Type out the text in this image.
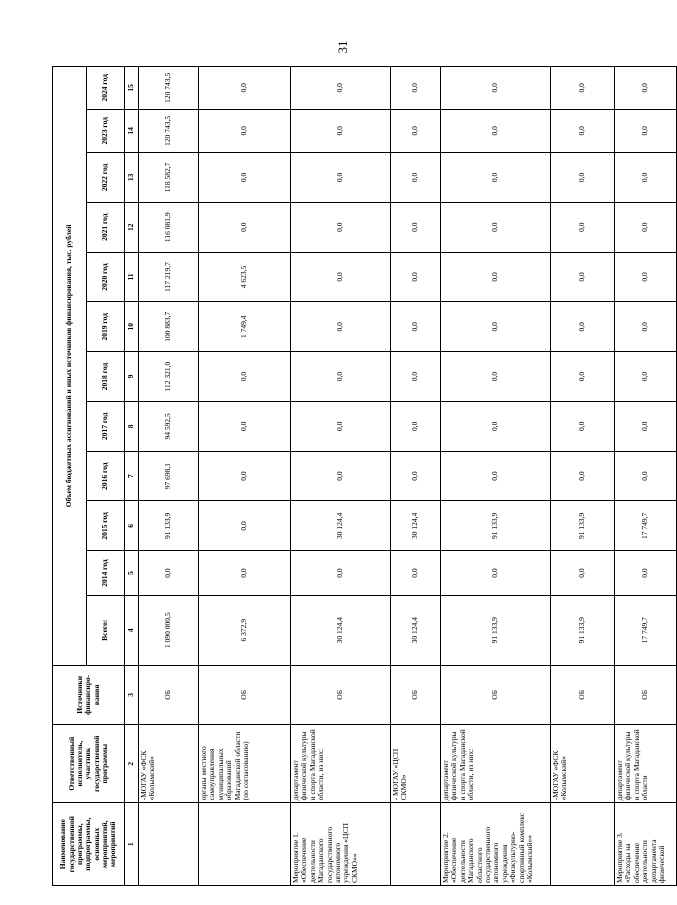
Наименование государственной программы, подпрограммы, основных мероприятий, мероприятий	Ответственный исполнитель, участник государственной программы	Источники финансиро-вания	Объем бюджетных ассигнований и иных источников финансирования, тыс. рублей											
			Всего:	2014 год	2015 год	2016 год	2017 год	2018 год	2019 год	2020 год	2021 год	2022 год	2023 год	2024 год
1	2	3	4	5	6	7	8	9	10	11	12	13	14	15
	-МОГАУ «ФСК «Колымский»	ОБ	1 090 000,5	0,0	91 133,9	97 698,1	94 592,5	112 321,0	100 883,7	117 219,7	116 081,9	118 582,7	120 743,5	120 743,5
	органы местного самоуправления муниципальных образований Магаданской области (по согласованию)	ОБ	6 372,9	0,0	0,0	0,0	0,0	0,0	1 749,4	4 623,5	0,0	0,0	0,0	0,0
Мероприятие 1. «Обеспечение деятельности Магаданского государственного автономного учреждения «ЦСП СКМО»»	департамент физической культуры и спорта Магаданской области, из них:	ОБ	30 124,4	0,0	30 124,4	0,0	0,0	0,0	0,0	0,0	0,0	0,0	0,0	0,0
	- МОГАУ «ЦСП СКМО»	ОБ	30 124,4	0,0	30 124,4	0,0	0,0	0,0	0,0	0,0	0,0	0,0	0,0	0,0
Мероприятие 2. «Обеспечение деятельности Магаданского областного государственного автономного учреждения «Физкультурно-спортивный комплекс «Колымский»»	департамент физической культуры и спорта Магаданской области, из них:	ОБ	91 133,9	0,0	91 133,9	0,0	0,0	0,0	0,0	0,0	0,0	0,0	0,0	0,0
	-МОГАУ «ФСК «Колымский»	ОБ	91 133,9	0,0	91 133,9	0,0	0,0	0,0	0,0	0,0	0,0	0,0	0,0	0,0
Мероприятие 3. «Расходы на обеспечение деятельности департамента физической	департамент физической культуры и спорта Магаданской области	ОБ	17 749,7	0,0	17 749,7	0,0	0,0	0,0	0,0	0,0	0,0	0,0	0,0	0,0
31
